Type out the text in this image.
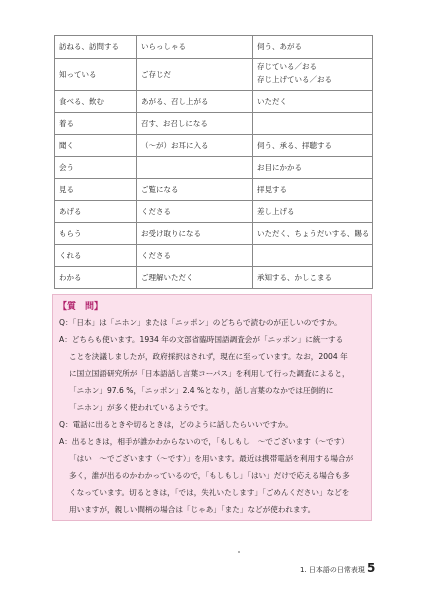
訪ねる、訪問する	いらっしゃる	伺う、あがる

知っている	ご存じだ	存じている／おる
存じ上げている／おる

食べる、飲む	あがる、召し上がる	いただく

着る	召す、お召しになる	

聞く	（〜が）お耳に入る	伺う、承る、拝聴する

会う		お目にかかる

見る	ご覧になる	拝見する

あげる	くださる	差し上げる

もらう	お受け取りになる	いただく、ちょうだいする、賜る

くれる	くださる	

わかる	ご理解いただく	承知する、かしこまる
【質　問】
Q：「日本」は「ニホン」または「ニッポン」のどちらで読むのが正しいのですか。
A：どちらも使います。1934 年の文部省臨時国語調査会が「ニッポン」に統一する
　 ことを決議しましたが，政府採択はされず，現在に至っています。なお，2004 年
　 に国立国語研究所が「日本語話し言葉コーパス」を利用して行った調査によると，
　 「ニホン」97.6 %，「ニッポン」2.4 %となり，話し言葉のなかでは圧倒的に
　 「ニホン」が多く使われているようです。
Q：電話に出るときや切るときは，どのように話したらいいですか。
A：出るときは，相手が誰かわからないので，「もしもし　〜でございます（〜です）
　 「はい　〜でございます（〜です）」を用います。最近は携帯電話を利用する場合が
　 多く，誰が出るのかわかっているので，「もしもし」「はい」だけで応える場合も多
　 くなっています。切るときは，「では，失礼いたします」「ごめんください」などを
　 用いますが，親しい間柄の場合は「じゃあ」「また」などが使われます。
1. 日本語の日常表現 5
